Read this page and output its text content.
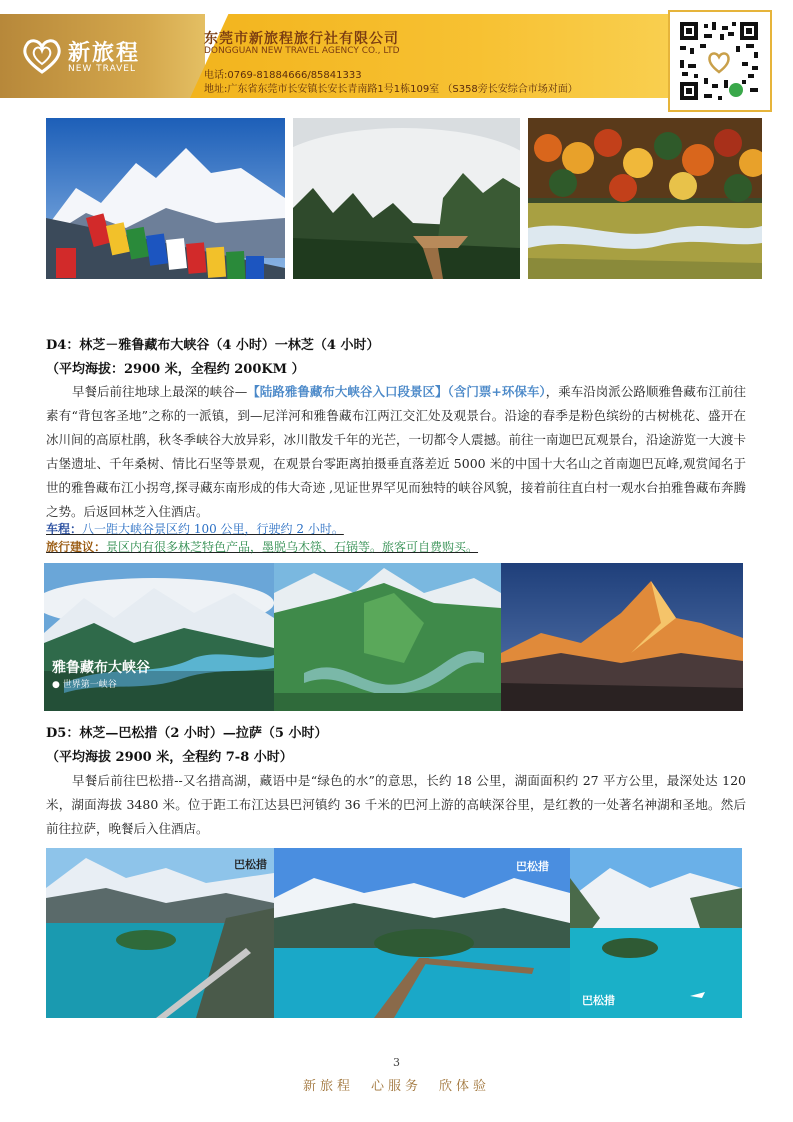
新旅程
NEW TRAVEL
东莞市新旅程旅行社有限公司
DONGGUAN NEW TRAVEL AGENCY CO., LTD
电话:0769-81884666/85841333
地址:广东省东莞市长安镇长安长青南路1号1栋109室 （S358旁长安综合市场对面）
D4：林芝－雅鲁藏布大峡谷（4 小时）一林芝（4 小时）
（平均海拔：2900 米，全程约 200KM ）
早餐后前往地球上最深的峡谷—【陆路雅鲁藏布大峡谷入口段景区】（含门票+环保车），乘车沿岗派公路顺雅鲁藏布江前往素有“背包客圣地”之称的一派镇，到—尼洋河和雅鲁藏布江两江交汇处及观景台。沿途的春季是粉色缤纷的古树桃花、盛开在冰川间的高原杜鹃，秋冬季峡谷大放异彩，冰川散发千年的光芒，一切都令人震撼。前往一南迦巴瓦观景台，沿途游览一大渡卡古堡遗址、千年桑树、情比石坚等景观，在观景台零距离拍摄垂直落差近 5000 米的中国十大名山之首南迦巴瓦峰,观赏闻名于世的雅鲁藏布江小拐弯,探寻藏东南形成的伟大奇迹 ,见证世界罕见而独特的峡谷风貌，接着前往直白村一观水台拍雅鲁藏布奔腾之势。后返回林芝入住酒店。
车程：八一距大峡谷景区约 100 公里，行驶约 2 小时。
旅行建议：景区内有很多林芝特色产品，墨脱乌木筷、石锅等。旅客可自费购买。
雅鲁藏布大峡谷
● 世界第一峡谷
D5：林芝—巴松措（2 小时）—拉萨（5 小时）
（平均海拔 2900 米，全程约 7-8 小时）
早餐后前往巴松措--又名措高湖，藏语中是“绿色的水”的意思，长约 18 公里，湖面面积约 27 平方公里，最深处达 120 米，湖面海拔 3480 米。位于距工布江达县巴河镇约 36 千米的巴河上游的高峡深谷里，是红教的一处著名神湖和圣地。然后前往拉萨，晚餐后入住酒店。
巴松措	巴松措
巴松措
3
新旅程　心服务　欣体验
